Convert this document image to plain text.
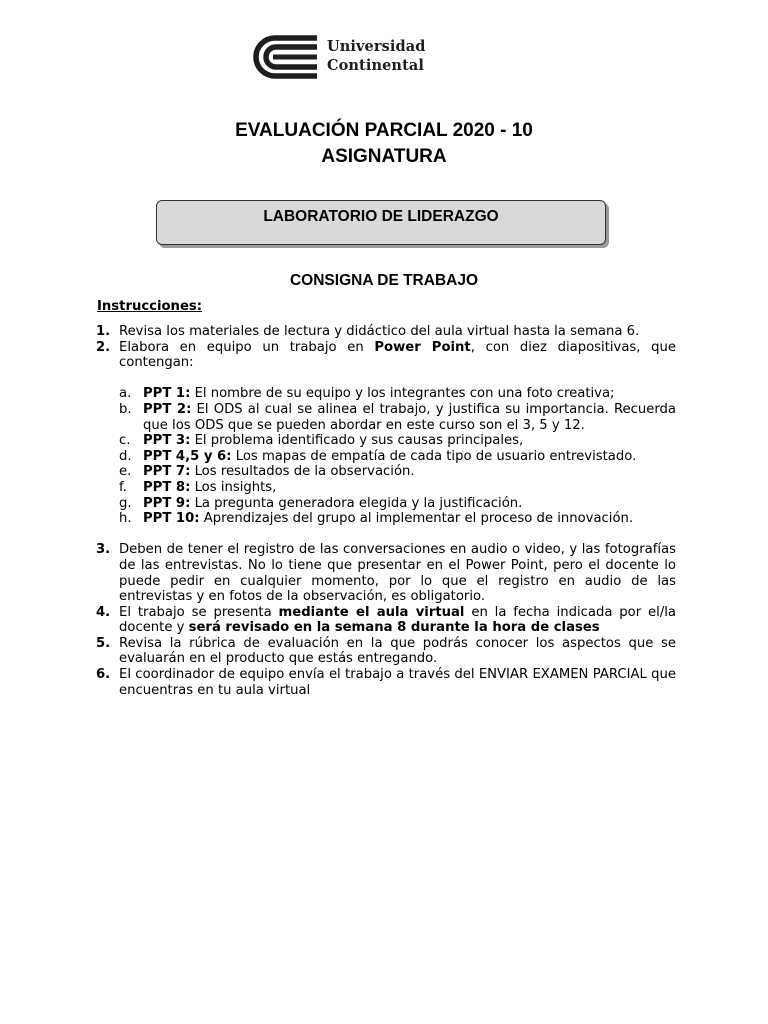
Universidad
Continental
EVALUACIÓN PARCIAL 2020 - 10
ASIGNATURA
LABORATORIO DE LIDERAZGO
CONSIGNA DE TRABAJO
Instrucciones:
1. Revisa los materiales de lectura y didáctico del aula virtual hasta la semana 6.
2. Elabora en equipo un trabajo en Power Point, con diez diapositivas, que contengan:
a. PPT 1: El nombre de su equipo y los integrantes con una foto creativa;
b. PPT 2: El ODS al cual se alinea el trabajo, y justifica su importancia. Recuerda que los ODS que se pueden abordar en este curso son el 3, 5 y 12.
c. PPT 3: El problema identificado y sus causas principales,
d. PPT 4,5 y 6: Los mapas de empatía de cada tipo de usuario entrevistado.
e. PPT 7: Los resultados de la observación.
f. PPT 8: Los insights,
g. PPT 9: La pregunta generadora elegida y la justificación.
h. PPT 10: Aprendizajes del grupo al implementar el proceso de innovación.
3. Deben de tener el registro de las conversaciones en audio o video, y las fotografías de las entrevistas. No lo tiene que presentar en el Power Point, pero el docente lo puede pedir en cualquier momento, por lo que el registro en audio de las entrevistas y en fotos de la observación, es obligatorio.
4. El trabajo se presenta mediante el aula virtual en la fecha indicada por el/la docente y será revisado en la semana 8 durante la hora de clases
5. Revisa la rúbrica de evaluación en la que podrás conocer los aspectos que se evaluarán en el producto que estás entregando.
6. El coordinador de equipo envía el trabajo a través del ENVIAR EXAMEN PARCIAL que encuentras en tu aula virtual
